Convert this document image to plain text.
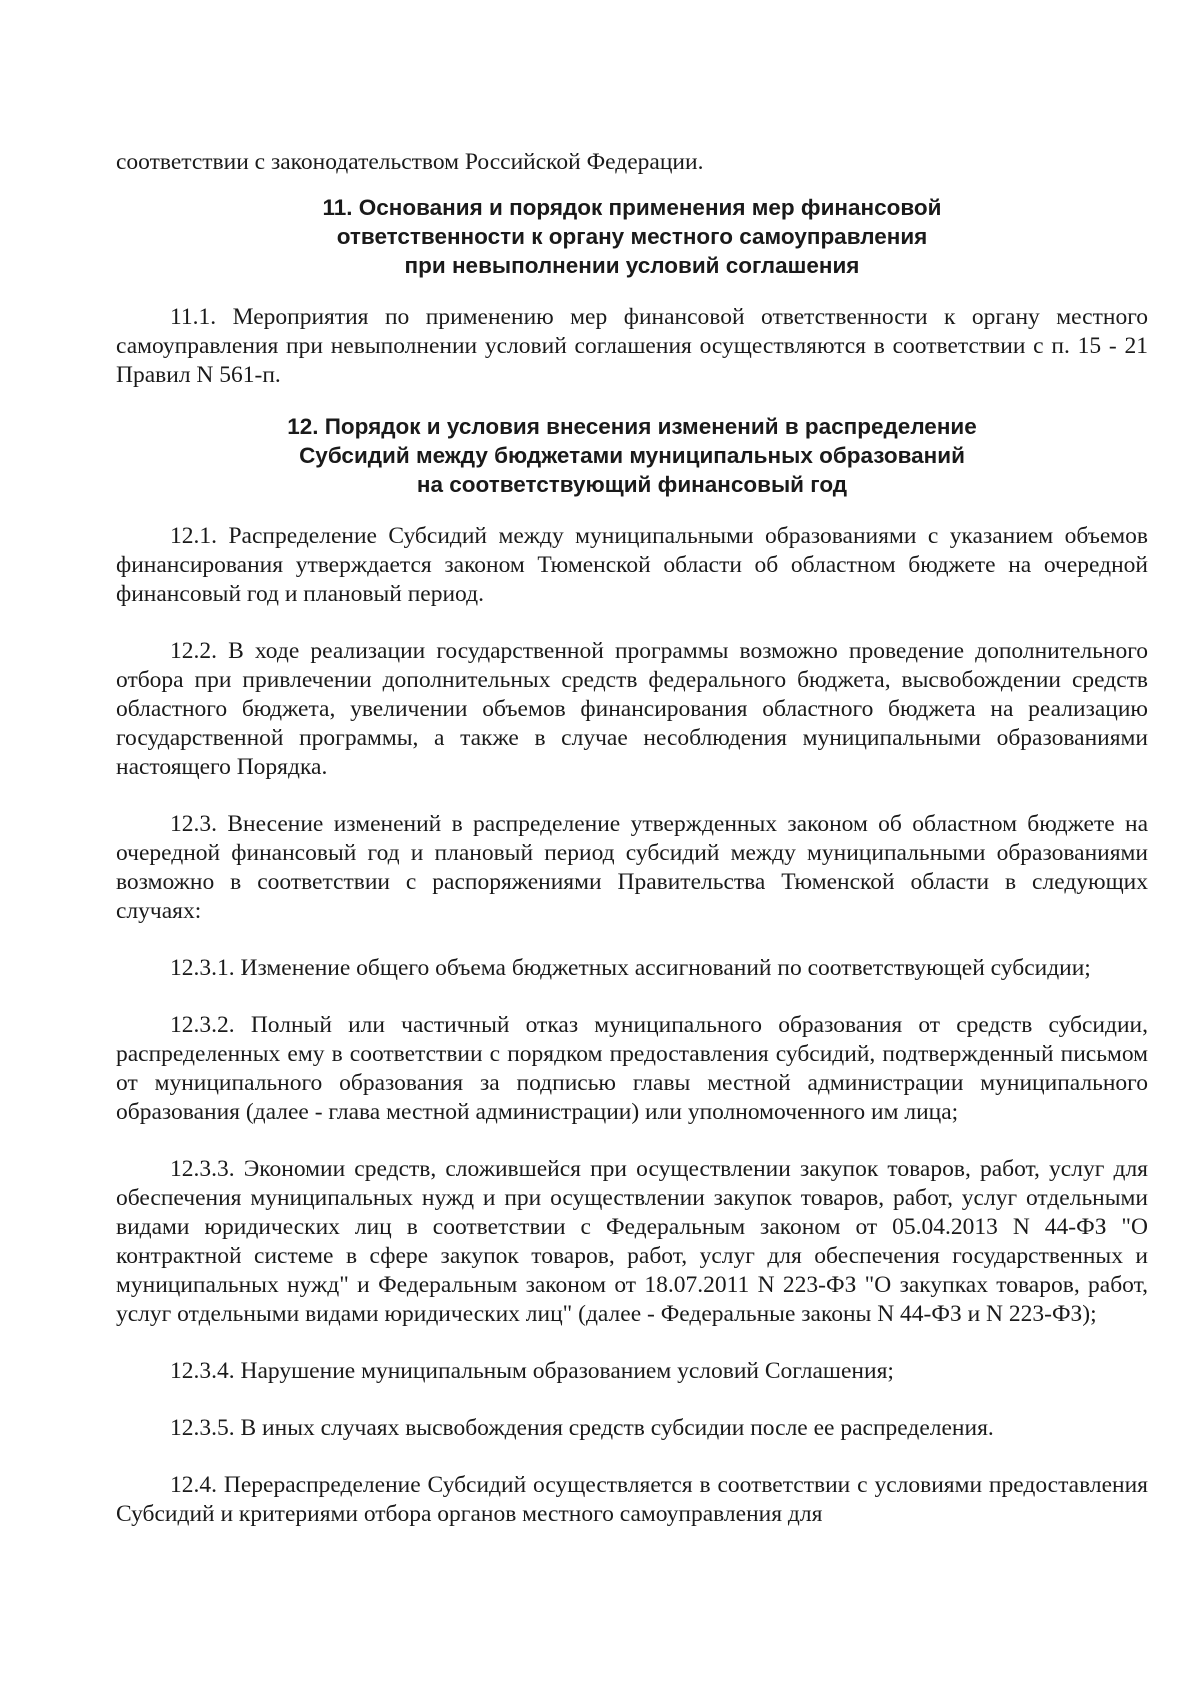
соответствии с законодательством Российской Федерации.

11. Основания и порядок применения мер финансовой
ответственности к органу местного самоуправления
при невыполнении условий соглашения

11.1. Мероприятия по применению мер финансовой ответственности к органу местного самоуправления при невыполнении условий соглашения осуществляются в соответствии с п. 15 - 21 Правил N 561-п.

12. Порядок и условия внесения изменений в распределение
Субсидий между бюджетами муниципальных образований
на соответствующий финансовый год

12.1. Распределение Субсидий между муниципальными образованиями с указанием объемов финансирования утверждается законом Тюменской области об областном бюджете на очередной финансовый год и плановый период.

12.2. В ходе реализации государственной программы возможно проведение дополнительного отбора при привлечении дополнительных средств федерального бюджета, высвобождении средств областного бюджета, увеличении объемов финансирования областного бюджета на реализацию государственной программы, а также в случае несоблюдения муниципальными образованиями настоящего Порядка.

12.3. Внесение изменений в распределение утвержденных законом об областном бюджете на очередной финансовый год и плановый период субсидий между муниципальными образованиями возможно в соответствии с распоряжениями Правительства Тюменской области в следующих случаях:

12.3.1. Изменение общего объема бюджетных ассигнований по соответствующей субсидии;

12.3.2. Полный или частичный отказ муниципального образования от средств субсидии, распределенных ему в соответствии с порядком предоставления субсидий, подтвержденный письмом от муниципального образования за подписью главы местной администрации муниципального образования (далее - глава местной администрации) или уполномоченного им лица;

12.3.3. Экономии средств, сложившейся при осуществлении закупок товаров, работ, услуг для обеспечения муниципальных нужд и при осуществлении закупок товаров, работ, услуг отдельными видами юридических лиц в соответствии с Федеральным законом от 05.04.2013 N 44-ФЗ "О контрактной системе в сфере закупок товаров, работ, услуг для обеспечения государственных и муниципальных нужд" и Федеральным законом от 18.07.2011 N 223-ФЗ "О закупках товаров, работ, услуг отдельными видами юридических лиц" (далее - Федеральные законы N 44-ФЗ и N 223-ФЗ);

12.3.4. Нарушение муниципальным образованием условий Соглашения;

12.3.5. В иных случаях высвобождения средств субсидии после ее распределения.

12.4. Перераспределение Субсидий осуществляется в соответствии с условиями предоставления Субсидий и критериями отбора органов местного самоуправления для
